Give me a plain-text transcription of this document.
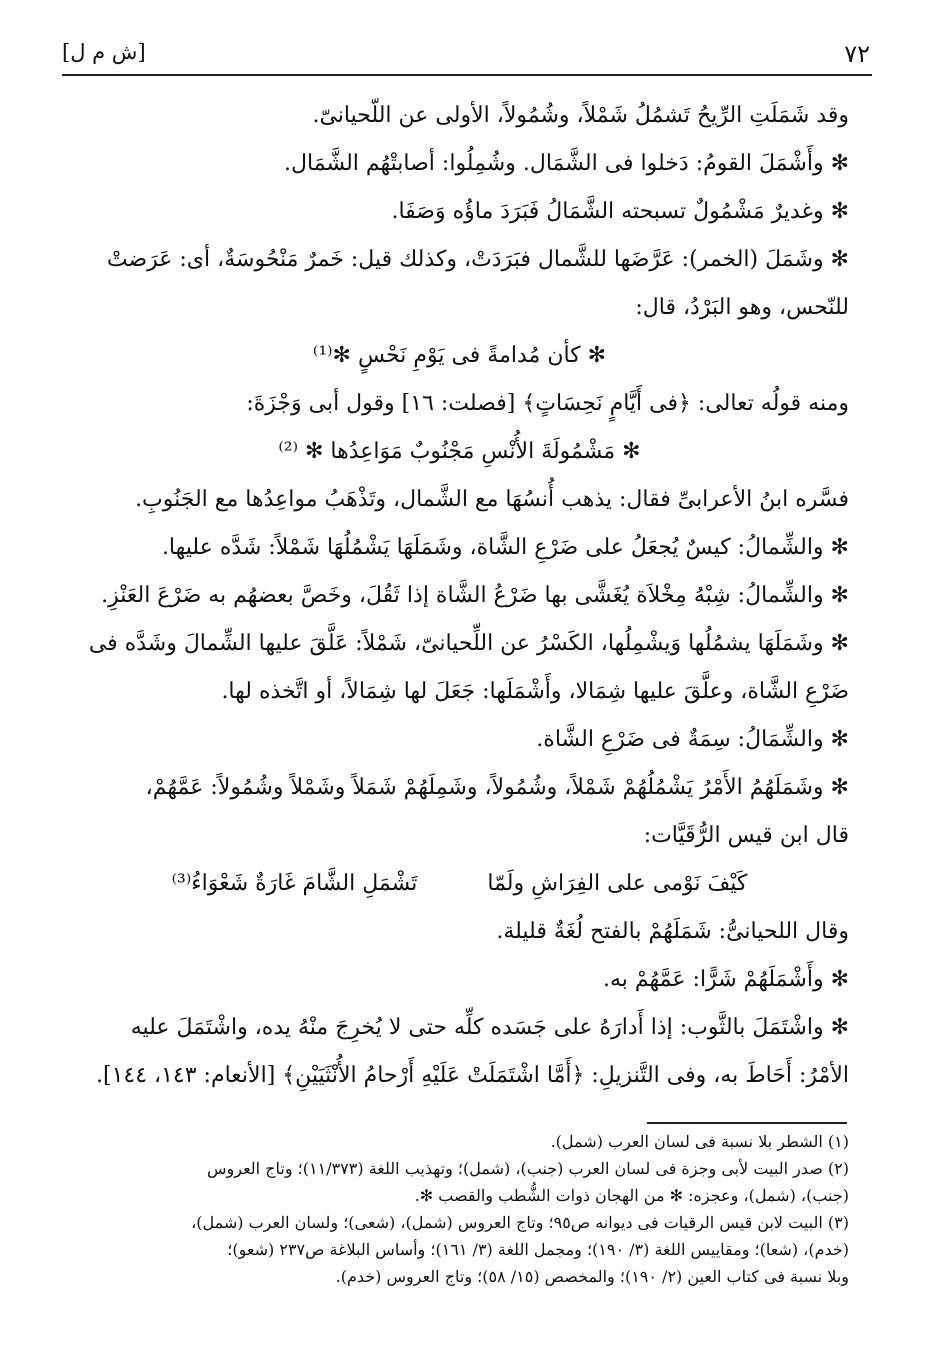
٧٢
[ش م ل]

وقد شَمَلَتِ الرِّيحُ تَشمُلُ شَمْلاً، وشُمُولاً، الأولى عن اللّحيانىّ.

✻ وأَشْمَلَ القومُ: دَخلوا فى الشَّمَال. وشُمِلُوا: أصابتْهُم الشَّمَال.

✻ وغديرٌ مَشْمُولٌ تسبحته الشَّمَالُ فَبَرَدَ ماؤُه وَصَفَا.

✻ وشَمَلَ (الخمر): عَرَّضَها للشَّمال فبَرَدَتْ، وكذلك قيل: خَمرٌ مَنْحُوسَةٌ، أى: عَرَضتْ

للنّحس، وهو البَرْدُ، قال:

✻ كأن مُدامةً فى يَوْمِ نَحْسٍ ✻⁽¹⁾

ومنه قولُه تعالى: ﴿فى أَيَّامٍ نَحِسَاتٍ﴾ [فصلت: ١٦] وقول أبى وَجْزَةَ:

✻ مَشْمُولَةَ الأُنْسِ مَجْنُوبٌ مَوَاعِدُها ✻ ⁽²⁾

فسَّره ابنُ الأعرابىِّ فقال: يذهب أُنسُهَا مع الشَّمال، وتَذْهَبُ مواعِدُها مع الجَنُوبِ.

✻ والشِّمالُ: كيسٌ يُجعَلُ على ضَرْعِ الشَّاة، وشَمَلَهَا يَشْمُلُهَا شَمْلاً: شَدَّه عليها.

✻ والشِّمالُ: شِبْهُ مِخْلاَة يُغَشَّى بها ضَرْعُ الشَّاة إذا ثَقُلَ، وخَصَّ بعضهُم به ضَرْعَ العَنْزِ.

✻ وشَمَلَهَا يشمُلُها وَيشْمِلُها، الكَسْرُ عن اللِّحيانىّ، شَمْلاً: عَلَّقَ عليها الشِّمالَ وشَدَّه فى

ضَرْعِ الشَّاة، وعلَّقَ عليها شِمَالا، وأَشْمَلَها: جَعَلَ لها شِمَالاً، أو اتَّخذه لها.

✻ والشِّمَالُ: سِمَةٌ فى ضَرْعِ الشَّاة.

✻ وشَمَلَهُمُ الأَمْرُ يَشْمُلُهُمْ شَمْلاً، وشُمُولاً، وشَمِلَهُمْ شَمَلاً وشَمْلاً وشُمُولاً: عَمَّهُمْ،

قال ابن قيس الرُّقَيَّات:

كَيْفَ نَوْمى على الفِرَاشِ ولَمّا
تَشْمَلِ الشَّامَ غَارَةٌ شَعْوَاءُ⁽³⁾

وقال اللحيانىُّ: شَمَلَهُمْ بالفتح لُغَةٌ قليلة.

✻ وأَشْمَلَهُمْ شَرًّا: عَمَّهُمْ به.

✻ واشْتَمَلَ بالثَّوب: إذا أَدارَهُ على جَسَده كلِّه حتى لا يُخرِجَ منْهُ يده، واشْتَمَلَ عليه

الأمْرُ: أَحَاطَ به، وفى التَّنزيلِ: ﴿أَمَّا اشْتَمَلَتْ عَلَيْهِ أَرْحامُ الأُنْثَيَيْنِ﴾ [الأنعام: ١٤٣، ١٤٤].

(١) الشطر بلا نسبة فى لسان العرب (شمل).

(٢) صدر البيت لأبى وجزة فى لسان العرب (جنب)، (شمل)؛ وتهذيب اللغة (١١/٣٧٣)؛ وتاج العروس

(جنب)، (شمل)، وعجزه: ✻ من الهجان ذوات الشُّطب والقصب ✻.

(٣) البيت لابن قيس الرقيات فى ديوانه ص٩٥؛ وتاج العروس (شمل)، (شعى)؛ ولسان العرب (شمل)،

(خدم)، (شعا)؛ ومقاييس اللغة (٣/ ١٩٠)؛ ومجمل اللغة (٣/ ١٦١)؛ وأساس البلاغة ص٢٣٧ (شعو)؛

وبلا نسبة فى كتاب العين (٢/ ١٩٠)؛ والمخصص (١٥/ ٥٨)؛ وتاج العروس (خدم).
